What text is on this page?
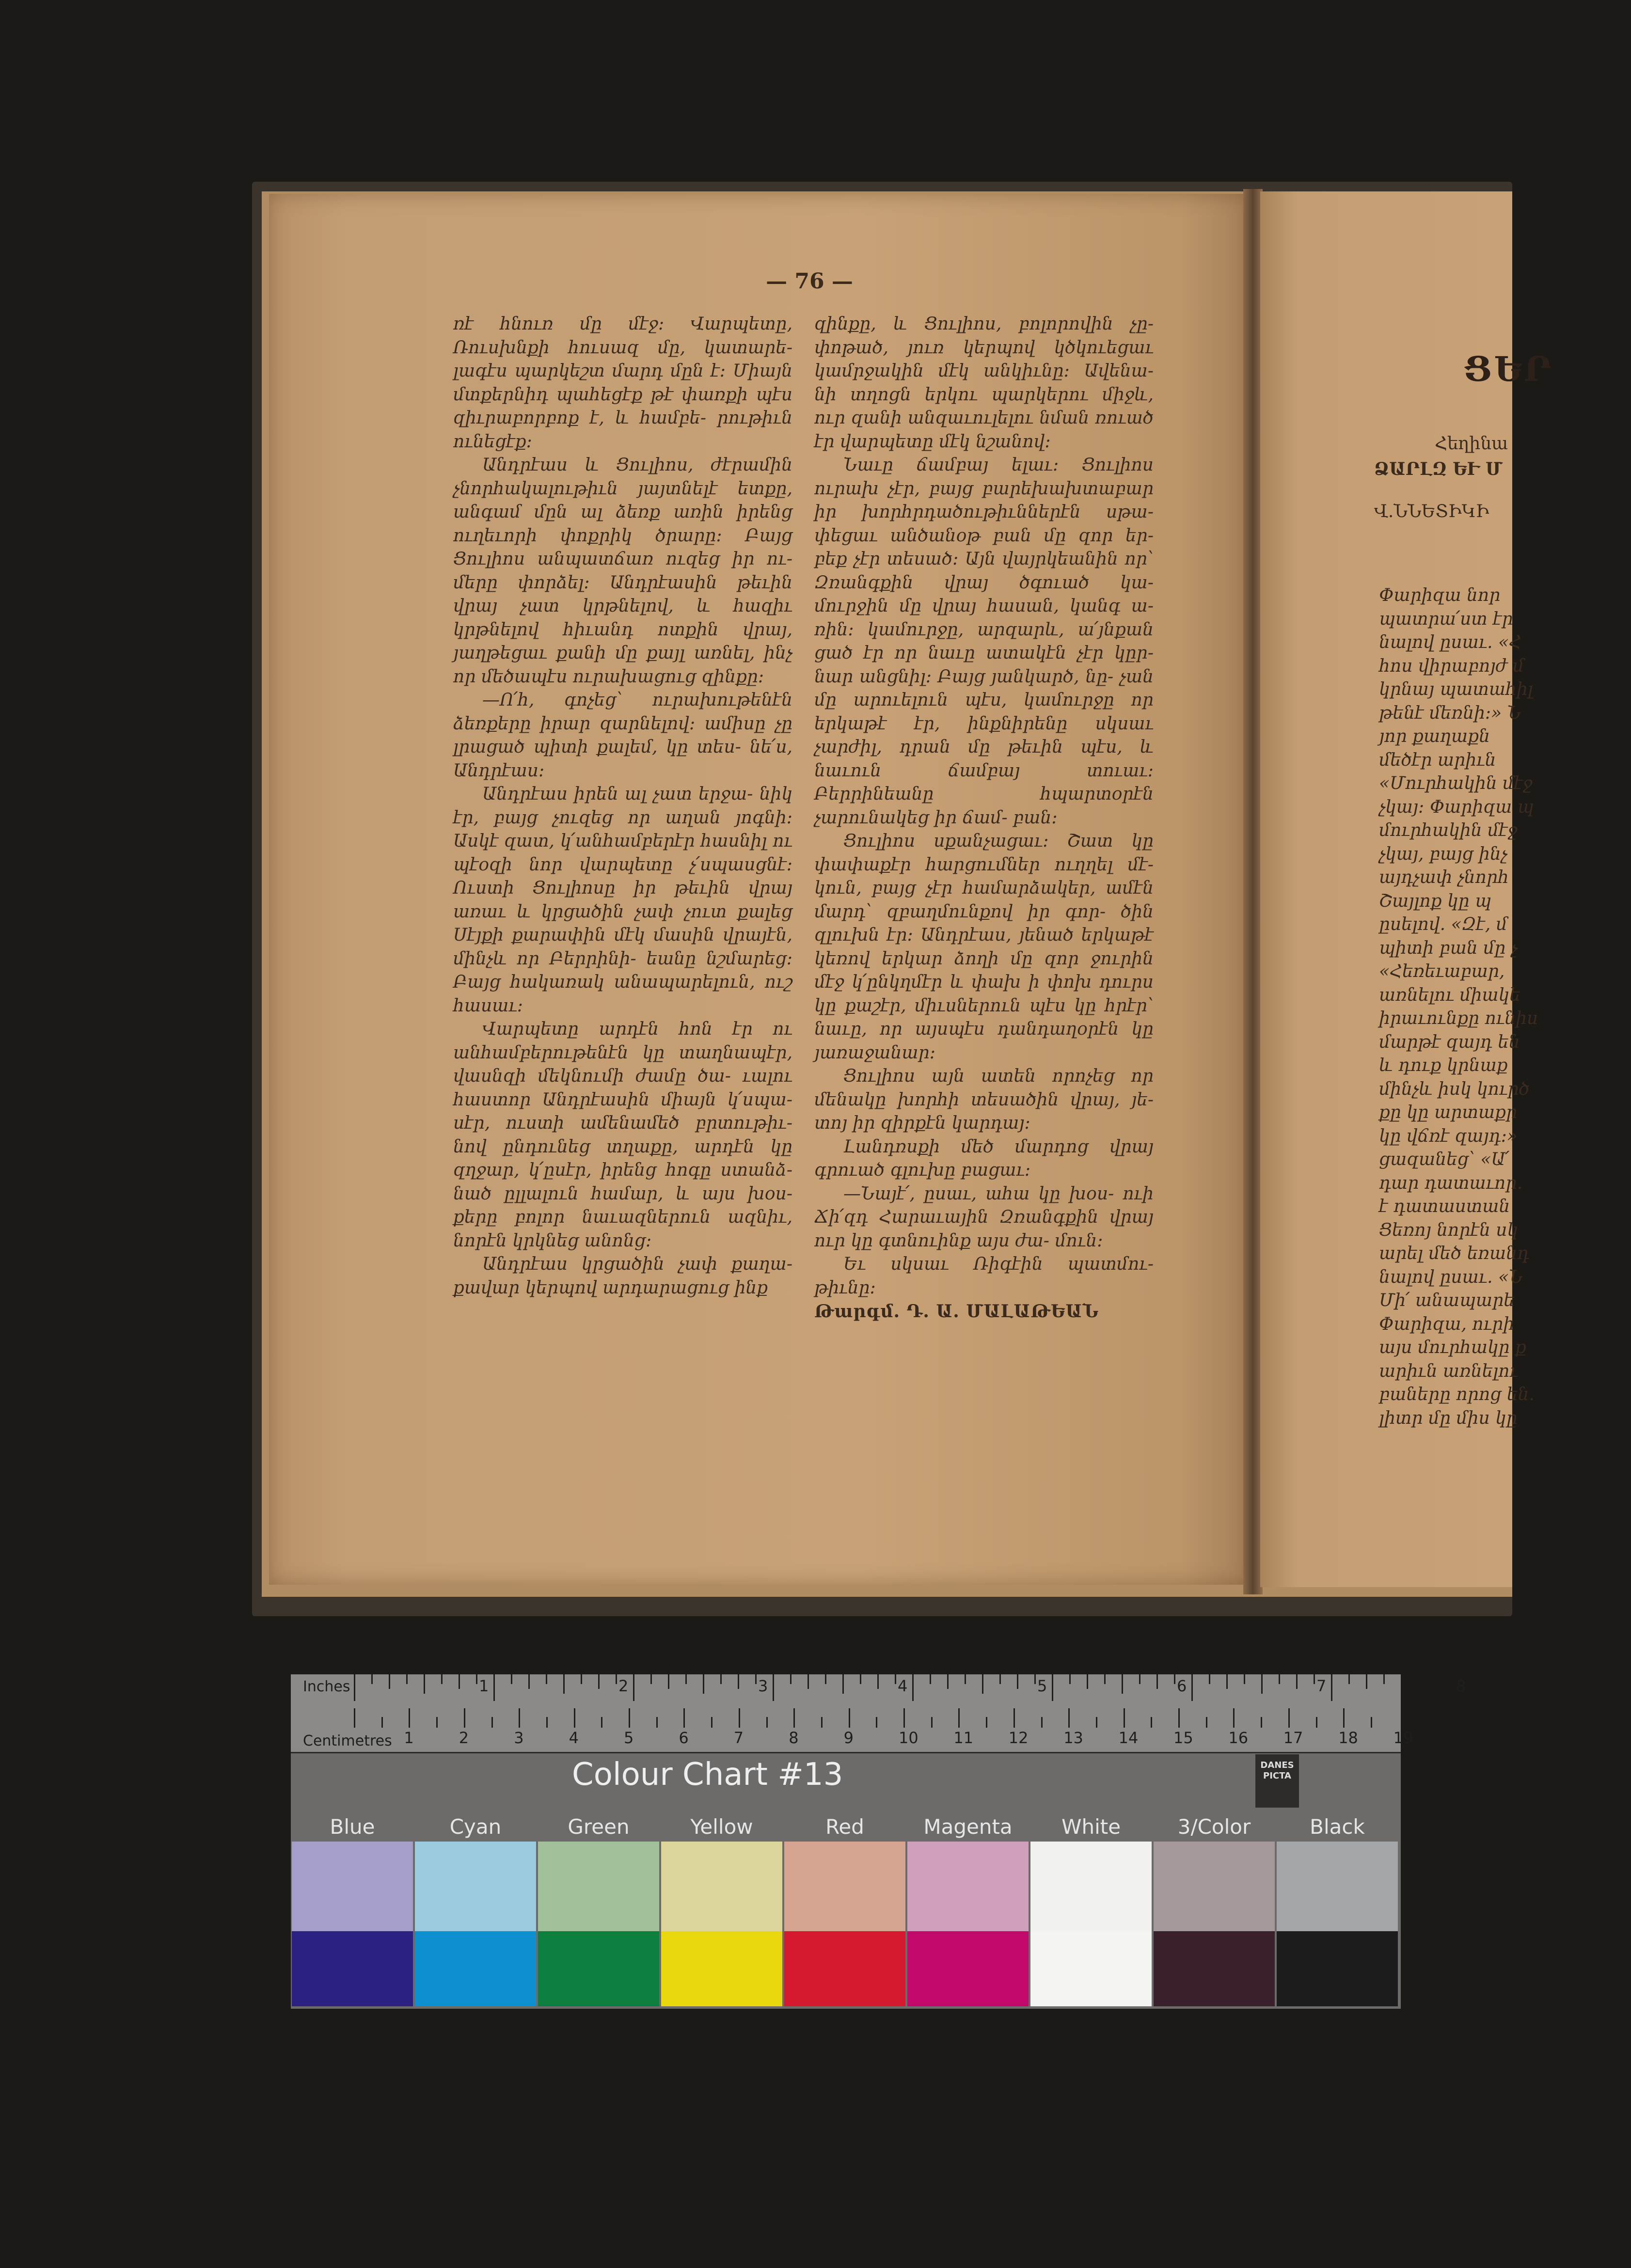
ՑԵՐ
Հեղինա
ՁԱՐԼԶ ԵՒ Մ
Վ.ՆՆԵՏԻԿԻ
Փարիզա նոր
պատրա՛ստ էր
նալով ըսաւ. «Հ
հոս վիրաբոյժ մ
կրնայ պատահիլ
թենէ մեռնի։» Ն
յոր քաղաքն
մեծէր արիւն
«Մուրհակին մէջ
չկայ։ Փարիզա պ
մուրհակին մէջ
չկայ, բայց ինչ
այդչափ չնորհ
Շայլոք կը պ
ըսելով. «Զէ, մ
պիտի բան մը չ
«Հեռեւաբար,
առնելու միակե
իրաւունքը ունիս
մարթէ զայդ են
և դուք կրնաք
մինչև իսկ կուրծ
քը կը արտաքր
կը վճռէ զայդ։»
ցազանեց՝ «Ա՛
դար դատաւոր.
է դատաստան
Ցեռոյ նորէն սկ
արել մեծ եռանդ
նալով ըսաւ. «Ն
Մի՛ անապարե
Փարիզա, ուրի
այս մուրհակը ք
արիւն առնելու
բաները որոց են.
լիտր մը միս կը
— 76 —

ռէ հնուռ մը մէջ։ Վարպետը, Ռուսխնքի հուսազ մը, կատարե- լագէս պարկեշտ մարդ մըն է։ Միայն մտքերնիդ պահեցէք թէ փառքի պէս զիւրաբորբոք է, և համբե- րութիւն ունեցէք։

Անդրէաս և Ցուլիոս, ժէրամին չնորհակալութիւն յայտնելէ ետքը, անգամ մըն ալ ձեռք առին իրենց ուղեւորի փոքրիկ ծրարը։ Բայց Ցուլիոս անպատճառ ուզեց իր ու- մերը փորձել։ Անդրէասին թեւին վրայ չատ կրթնելով, և հազիւ կրթնելով հիւանդ ոտքին վրայ, յաղթեցաւ քանի մը քայլ առնել, ինչ որ մեծապէս ուրախացուց զինքը։

—Ո՛հ, գոչեց՝ ուրախութենէն ձեռքերը իրար զարնելով։ ամիսը չը լրացած պիտի քալեմ, կը տես- նե՛ս, Անդրէաս։

Անդրէաս իրեն ալ չատ երջա- նիկ էր, բայց չուզեց որ աղան յոգնի։ Ասկէ զատ, կ՛անհամբերէր հասնիլ ու պէօզի նոր վարպետը չ՛սպասցնէ։ Ուստի Ցուլիոսը իր թեւին վրայ առաւ և կրցածին չափ չուտ քալեց Սէյքի քարափին մէկ մասին վրայէն, մինչև որ Բերրինի- եանը նշմարեց։ Բայց հակառակ անապարելուն, ուշ հասաւ։

Վարպետը արդէն հոն էր ու անհամբերութենէն կը տաղնապէր, վասնզի մեկնումի ժամը ծա- ւալու հաստոր Անդրէասին միայն կ՛սպա- սէր, ուստի ամենամեծ բրտութիւ- նով ընդունեց տղաքը, արդէն կը զղջար, կ՛ըսէր, իրենց հոգը ստանձ- նած ըլլալուն համար, և այս խօս- քերը բոլոր նաւազներուն ազնիւ, նորէն կրկնեց անոնց։

Անդրէաս կրցածին չափ քաղա- քավար կերպով արդարացուց ինք

զինքը, և Ցուլիոս, բոլորովին չը- փոթած, յուռ կերպով կծկուեցաւ կամրջակին մէկ անկիւնը։ Ավենա- նի տղոցն երկու պարկերու միջև, ուր զանի անզաւուլելու նման ռուած էր վարպետը մէկ նշանով։

Նաւը ճամբայ ելաւ։ Ցուլիոս ուրախ չէր, բայց բարեխախտաբար իր խորհրդածութիւններէն սթա- փեցաւ անծանօթ բան մը զոր եր- բեք չէր տեսած։ Այն վայրկեանին որ՝ Զռանգքին վրայ ծգուած կա- մուրջին մը վրայ հասան, կանգ ա- ռին։ կամուրջը, արզարև, ա՛յնքան ցած էր որ նաւը ատակէն չէր կըր- նար անցնիլ։ Բայց յանկարծ, նը- չան մը արուելուն պէս, կամուրջը որ երկաթէ էր, ինքնիրենը սկսաւ չարժիլ, դրան մը թեւին պէս, և նաւուն ճամբայ տուաւ։ Բերրինեանը հպարտօրէն չարունակեց իր ճամ- բան։

Ցուլիոս սքանչացաւ։ Շատ կը փափաքէր հարցումներ ուղղել մէ- կուն, բայց չէր համարձակեր, ամէն մարդ՝ զբաղմունքով իր գոր- ծին զլուխն էր։ Անդրէաս, յենած երկաթէ կեռով երկար ձողի մը զոր ջուրին մէջ կ՛ընկղմէր և փախ ի փոխ դուրս կը քաշէր, միւսներուն պէս կը հրէր՝ նաւը, որ այսպէս դանդաղօրէն կը յառաջանար։

Ցուլիոս այն ատեն որոչեց որ մենակը խորհի տեսածին վրայ, յե- տոյ իր զիրքէն կարդայ։

Լանդռսքի մեծ մարդոց վրայ գրուած գլուխը բացաւ։

—Նայէ՛, ըսաւ, ահա կը խօս- ուի Ճի՛զդ Հարաւային Զռանգքին վրայ ուր կը գտնուինք այս ժա- մուն։

Եւ սկսաւ Ռիգէին պատմու- թիւնը։

Թարգմ. Դ. Ա. ՄԱԼԱԹԵԱՆ

Inches
Centimetres
1	2	3	4	5	6	7	8
1	2	3	4	5	6	7	8	9	10 11 12 13 14 15 16 17 18 19
Colour Chart #13	DANES PICTA
Blue	Cyan	Green	Yellow	Red	Magenta	White	3/Color	Black
